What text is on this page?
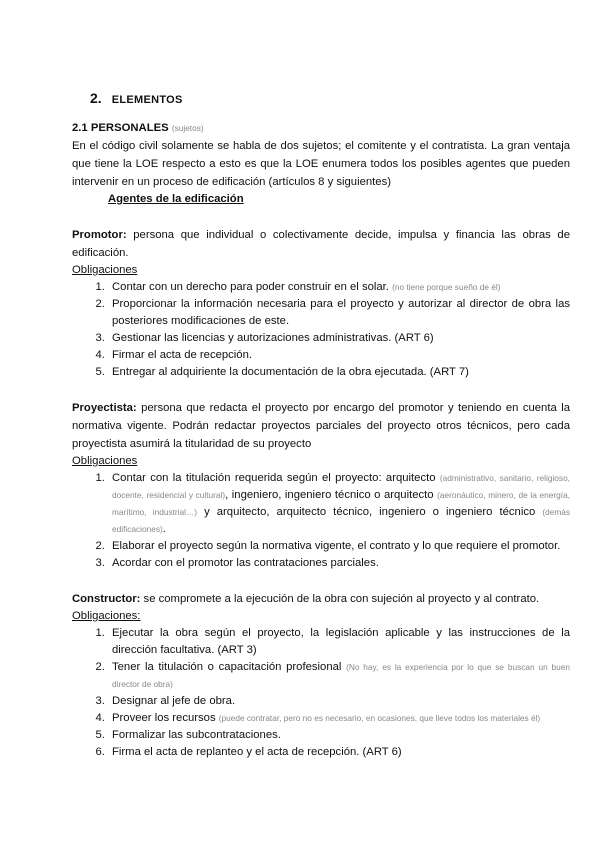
2. ELEMENTOS
2.1 PERSONALES (sujetos)

En el código civil solamente se habla de dos sujetos; el comitente y el contratista. La gran ventaja que tiene la LOE respecto a esto es que la LOE enumera todos los posibles agentes que pueden intervenir en un proceso de edificación (artículos 8 y siguientes)

Agentes de la edificación

Promotor: persona que individual o colectivamente decide, impulsa y financia las obras de edificación.

Obligaciones

1. Contar con un derecho para poder construir en el solar. (no tiene porque sueño de él)
2. Proporcionar la información necesaria para el proyecto y autorizar al director de obra las posteriores modificaciones de este.
3. Gestionar las licencias y autorizaciones administrativas. (ART 6)
4. Firmar el acta de recepción.
5. Entregar al adquiriente la documentación de la obra ejecutada. (ART 7)

Proyectista: persona que redacta el proyecto por encargo del promotor y teniendo en cuenta la normativa vigente. Podrán redactar proyectos parciales del proyecto otros técnicos, pero cada proyectista asumirá la titularidad de su proyecto

Obligaciones

1. Contar con la titulación requerida según el proyecto: arquitecto (administrativo, sanitario, religioso, docente, residencial y cultural), ingeniero, ingeniero técnico o arquitecto (aeronáutico, minero, de la energía, marítimo, industrial…) y arquitecto, arquitecto técnico, ingeniero o ingeniero técnico (demás edificaciones).
2. Elaborar el proyecto según la normativa vigente, el contrato y lo que requiere el promotor.
3. Acordar con el promotor las contrataciones parciales.

Constructor: se compromete a la ejecución de la obra con sujeción al proyecto y al contrato.

Obligaciones:

1. Ejecutar la obra según el proyecto, la legislación aplicable y las instrucciones de la dirección facultativa. (ART 3)
2. Tener la titulación o capacitación profesional (No hay, es la experiencia por lo que se buscan un buen director de obra)
3. Designar al jefe de obra.
4. Proveer los recursos (puede contratar, pero no es necesario, en ocasiones, que lleve todos los materiales él)
5. Formalizar las subcontrataciones.
6. Firma el acta de replanteo y el acta de recepción. (ART 6)
